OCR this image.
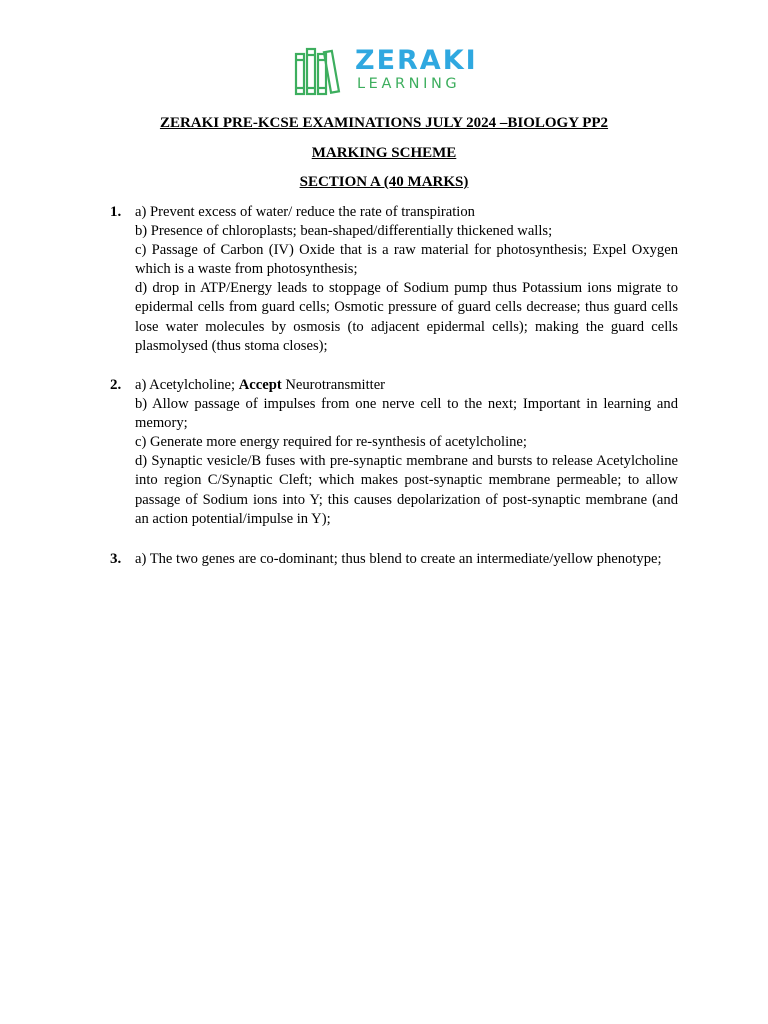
ZERAKI
LEARNING
ZERAKI PRE-KCSE EXAMINATIONS JULY 2024 –BIOLOGY PP2
MARKING SCHEME
SECTION A (40 MARKS)
1. a) Prevent excess of water/ reduce the rate of transpiration
b) Presence of chloroplasts; bean-shaped/differentially thickened walls;
c) Passage of Carbon (IV) Oxide that is a raw material for photosynthesis; Expel Oxygen which is a waste from photosynthesis;
d) drop in ATP/Energy leads to stoppage of Sodium pump thus Potassium ions migrate to epidermal cells from guard cells; Osmotic pressure of guard cells decrease; thus guard cells lose water molecules by osmosis (to adjacent epidermal cells); making the guard cells plasmolysed (thus stoma closes);
2. a) Acetylcholine; Accept Neurotransmitter
b) Allow passage of impulses from one nerve cell to the next; Important in learning and memory;
c) Generate more energy required for re-synthesis of acetylcholine;
d) Synaptic vesicle/B fuses with pre-synaptic membrane and bursts to release Acetylcholine into region C/Synaptic Cleft; which makes post-synaptic membrane permeable; to allow passage of Sodium ions into Y; this causes depolarization of post-synaptic membrane (and an action potential/impulse in Y);
3. a) The two genes are co-dominant; thus blend to create an intermediate/yellow phenotype;
